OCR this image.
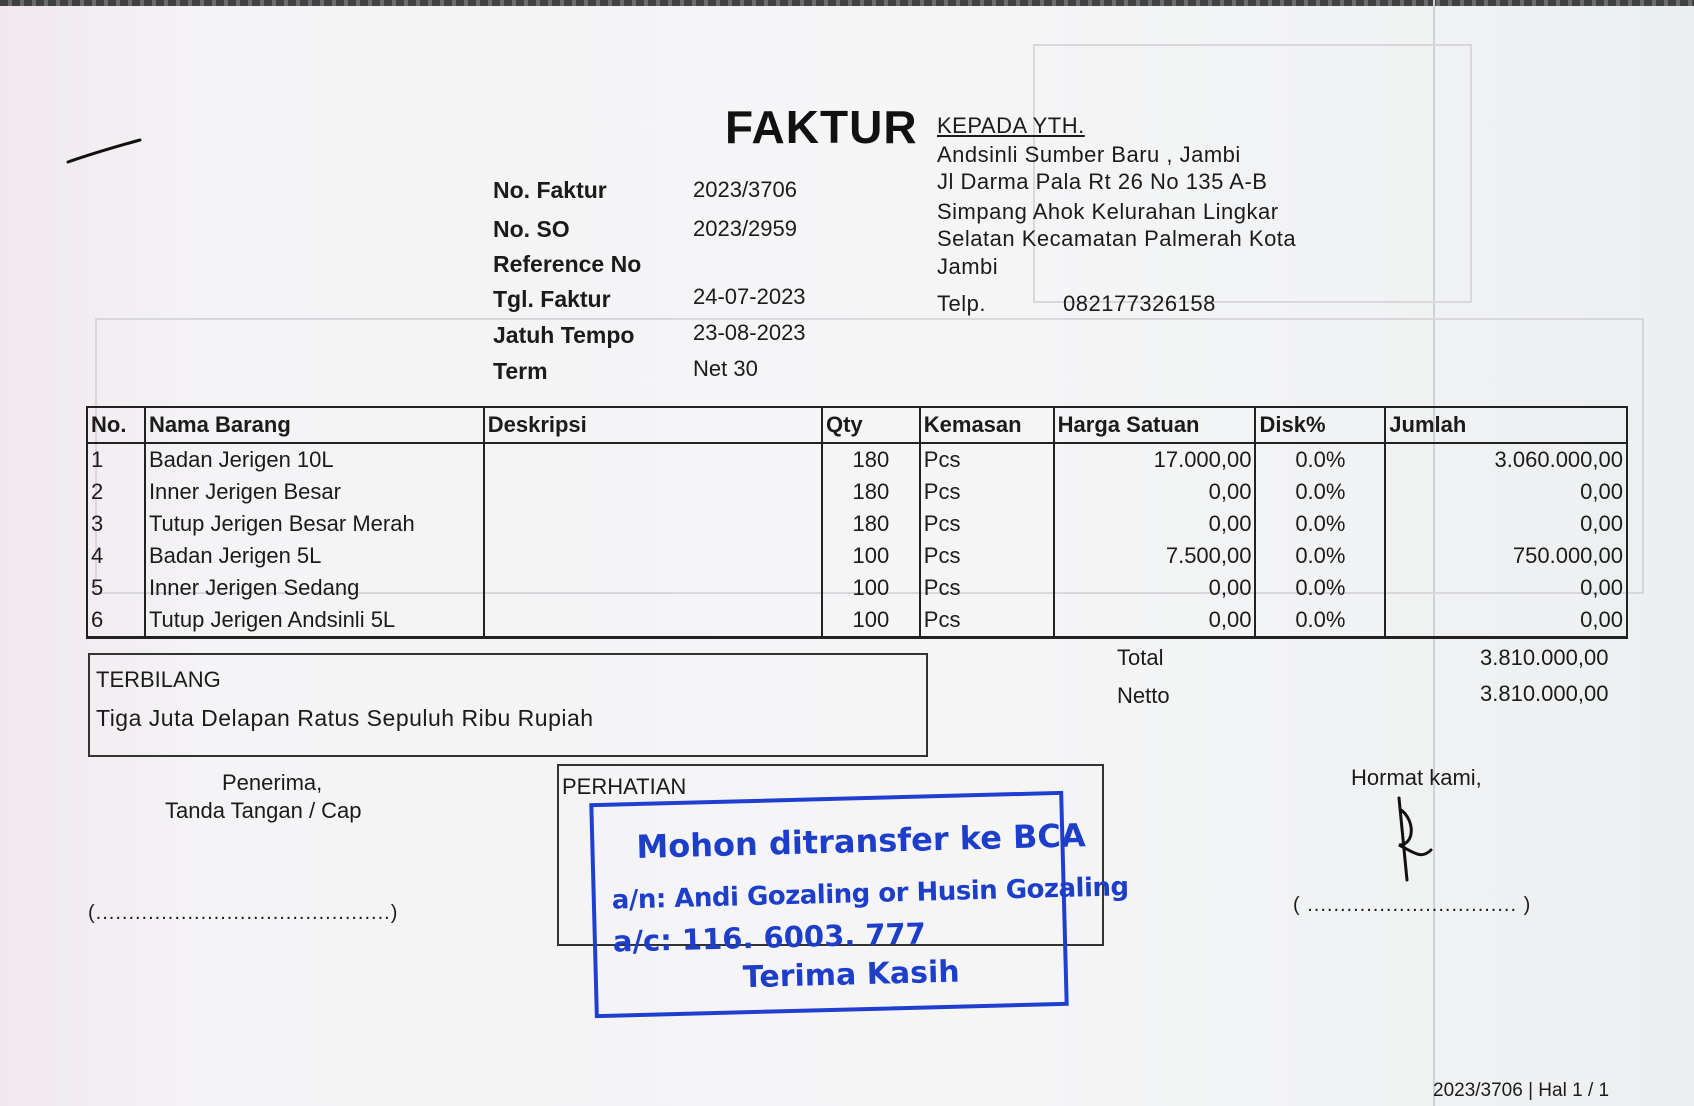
FAKTUR KEPADA YTH.
Andsinli Sumber Baru , Jambi
Jl Darma Pala Rt 26 No 135 A-B
Simpang Ahok Kelurahan Lingkar
Selatan Kecamatan Palmerah Kota
Jambi
Telp.	082177326158
No. Faktur	2023/3706
No. SO	2023/2959
Reference No
Tgl. Faktur	24-07-2023
Jatuh Tempo	23-08-2023
Term	Net 30
No.	Nama Barang	Deskripsi	Qty	Kemasan	Harga Satuan	Disk%	Jumlah
1	Badan Jerigen 10L		180	Pcs	17.000,00	0.0%	3.060.000,00
2	Inner Jerigen Besar		180	Pcs	0,00	0.0%	0,00
3	Tutup Jerigen Besar Merah		180	Pcs	0,00	0.0%	0,00
4	Badan Jerigen 5L		100	Pcs	7.500,00	0.0%	750.000,00
5	Inner Jerigen Sedang		100	Pcs	0,00	0.0%	0,00
6	Tutup Jerigen Andsinli 5L		100	Pcs	0,00	0.0%	0,00
Total	3.810.000,00
Netto	3.810.000,00
TERBILANG
Tiga Juta Delapan Ratus Sepuluh Ribu Rupiah
Penerima,
Tanda Tangan / Cap
(.............................................)
PERHATIAN
Mohon ditransfer ke BCA
a/n: Andi Gozaling or Husin Gozaling
a/c: 116. 6003. 777
Terima Kasih
Hormat kami,
( ................................ )
2023/3706 | Hal 1 / 1
